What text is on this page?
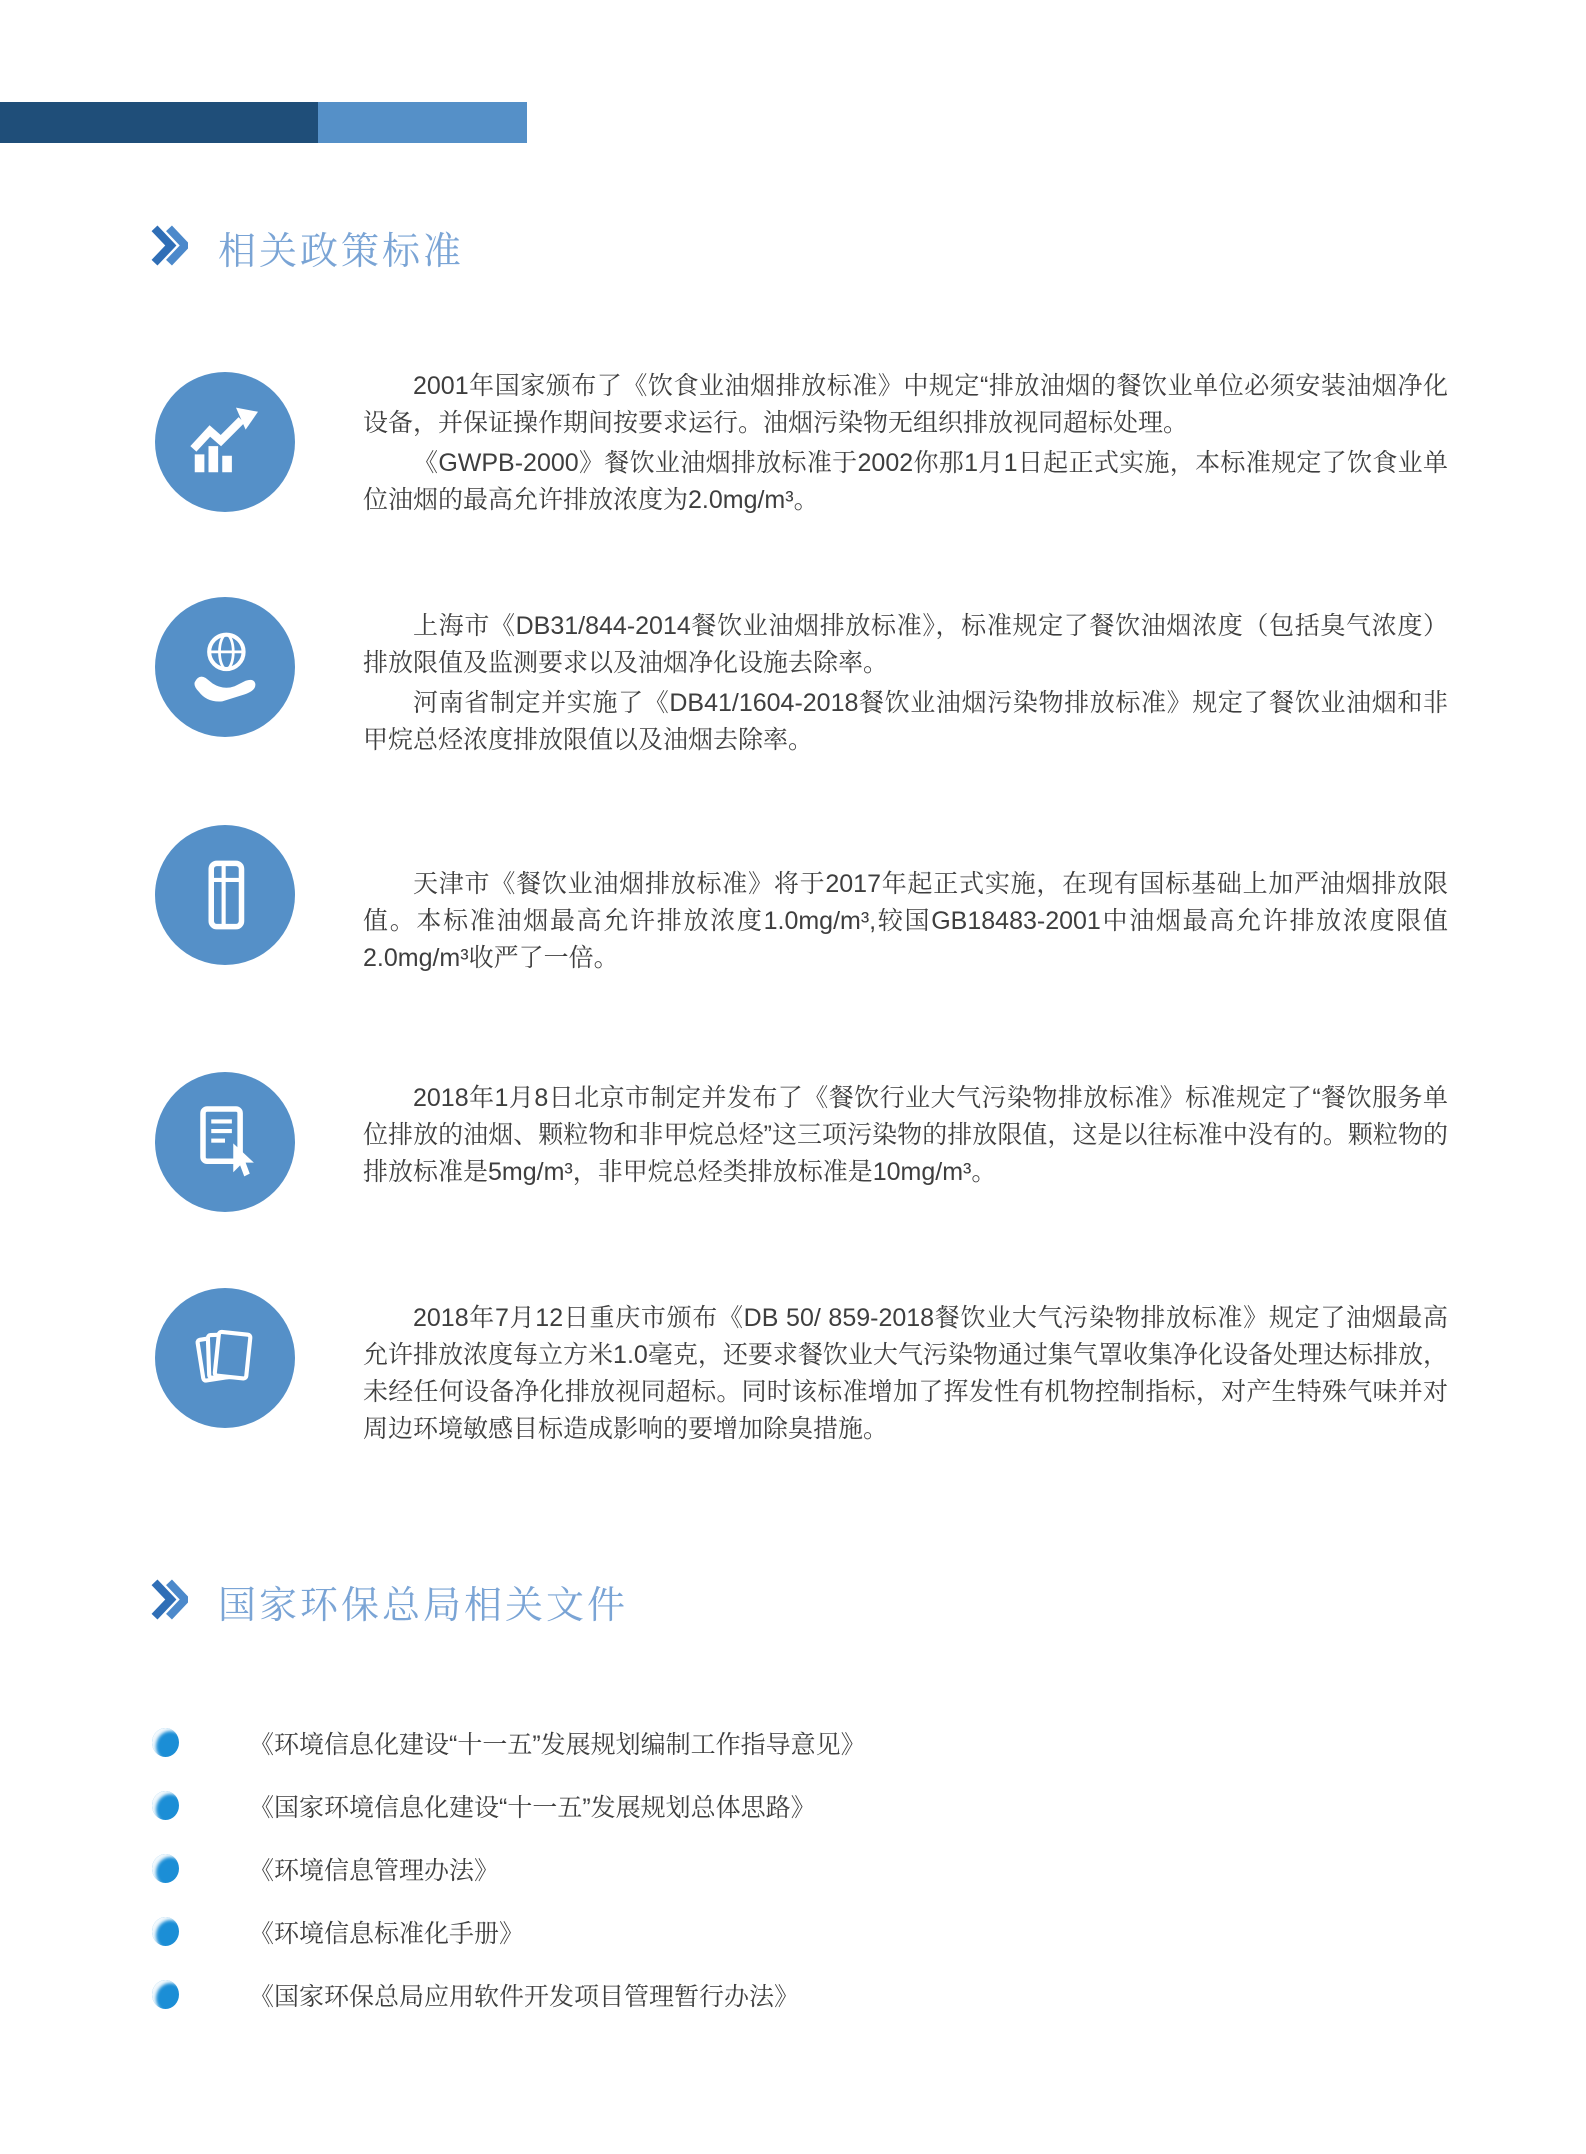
相关政策标准

2001年国家颁布了《饮食业油烟排放标准》中规定“排放油烟的餐饮业单位必须安装油烟净化设备，并保证操作期间按要求运行。油烟污染物无组织排放视同超标处理。

《GWPB-2000》餐饮业油烟排放标准于2002你那1月1日起正式实施，本标准规定了饮食业单位油烟的最高允许排放浓度为2.0mg/m³。

上海市《DB31/844-2014餐饮业油烟排放标准》，标准规定了餐饮油烟浓度（包括臭气浓度）排放限值及监测要求以及油烟净化设施去除率。

河南省制定并实施了《DB41/1604-2018餐饮业油烟污染物排放标准》规定了餐饮业油烟和非甲烷总烃浓度排放限值以及油烟去除率。

天津市《餐饮业油烟排放标准》将于2017年起正式实施，在现有国标基础上加严油烟排放限值。本标准油烟最高允许排放浓度1.0mg/m³,较国GB18483-2001中油烟最高允许排放浓度限值2.0mg/m³收严了一倍。

2018年1月8日北京市制定并发布了《餐饮行业大气污染物排放标准》标准规定了“餐饮服务单位排放的油烟、颗粒物和非甲烷总烃”这三项污染物的排放限值，这是以往标准中没有的。颗粒物的排放标准是5mg/m³，非甲烷总烃类排放标准是10mg/m³。

2018年7月12日重庆市颁布《DB 50/ 859-2018餐饮业大气污染物排放标准》规定了油烟最高允许排放浓度每立方米1.0毫克，还要求餐饮业大气污染物通过集气罩收集净化设备处理达标排放，未经任何设备净化排放视同超标。同时该标准增加了挥发性有机物控制指标，对产生特殊气味并对周边环境敏感目标造成影响的要增加除臭措施。

国家环保总局相关文件
《环境信息化建设“十一五”发展规划编制工作指导意见》
《国家环境信息化建设“十一五”发展规划总体思路》
《环境信息管理办法》
《环境信息标准化手册》
《国家环保总局应用软件开发项目管理暂行办法》
